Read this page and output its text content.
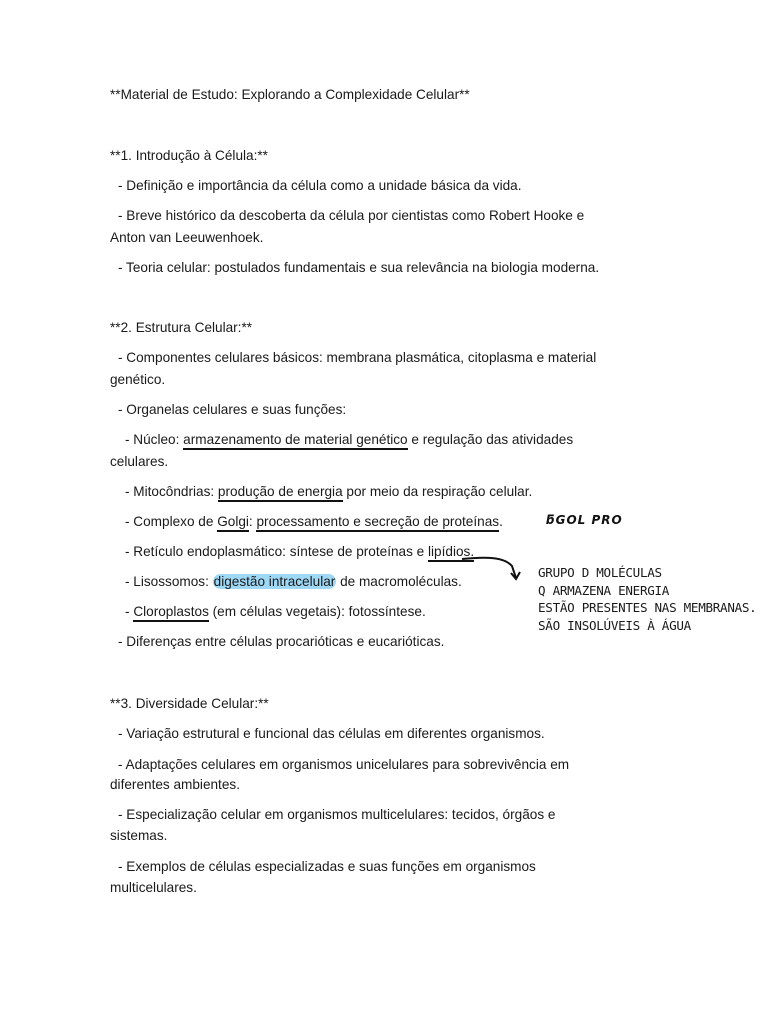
**Material de Estudo: Explorando a Complexidade Celular**
**1. Introdução à Célula:**
- Definição e importância da célula como a unidade básica da vida.
- Breve histórico da descoberta da célula por cientistas como Robert Hooke e
Anton van Leeuwenhoek.
- Teoria celular: postulados fundamentais e sua relevância na biologia moderna.
**2. Estrutura Celular:**
- Componentes celulares básicos: membrana plasmática, citoplasma e material
genético.
- Organelas celulares e suas funções:
- Núcleo: armazenamento de material genético e regulação das atividades
celulares.
- Mitocôndrias: produção de energia por meio da respiração celular.
- Complexo de Golgi: processamento e secreção de proteínas.	ƃGOL PRO
- Retículo endoplasmático: síntese de proteínas e lipídios.
- Lisossomos: digestão intracelular de macromoléculas.
- Cloroplastos (em células vegetais): fotossíntese.
- Diferenças entre células procarióticas e eucarióticas.
GRUPO D MOLÉCULAS
Q ARMAZENA ENERGIA
ESTÃO PRESENTES NAS MEMBRANAS.
SÃO INSOLÚVEIS À ÁGUA
**3. Diversidade Celular:**
- Variação estrutural e funcional das células em diferentes organismos.
- Adaptações celulares em organismos unicelulares para sobrevivência em
diferentes ambientes.
- Especialização celular em organismos multicelulares: tecidos, órgãos e
sistemas.
- Exemplos de células especializadas e suas funções em organismos
multicelulares.
